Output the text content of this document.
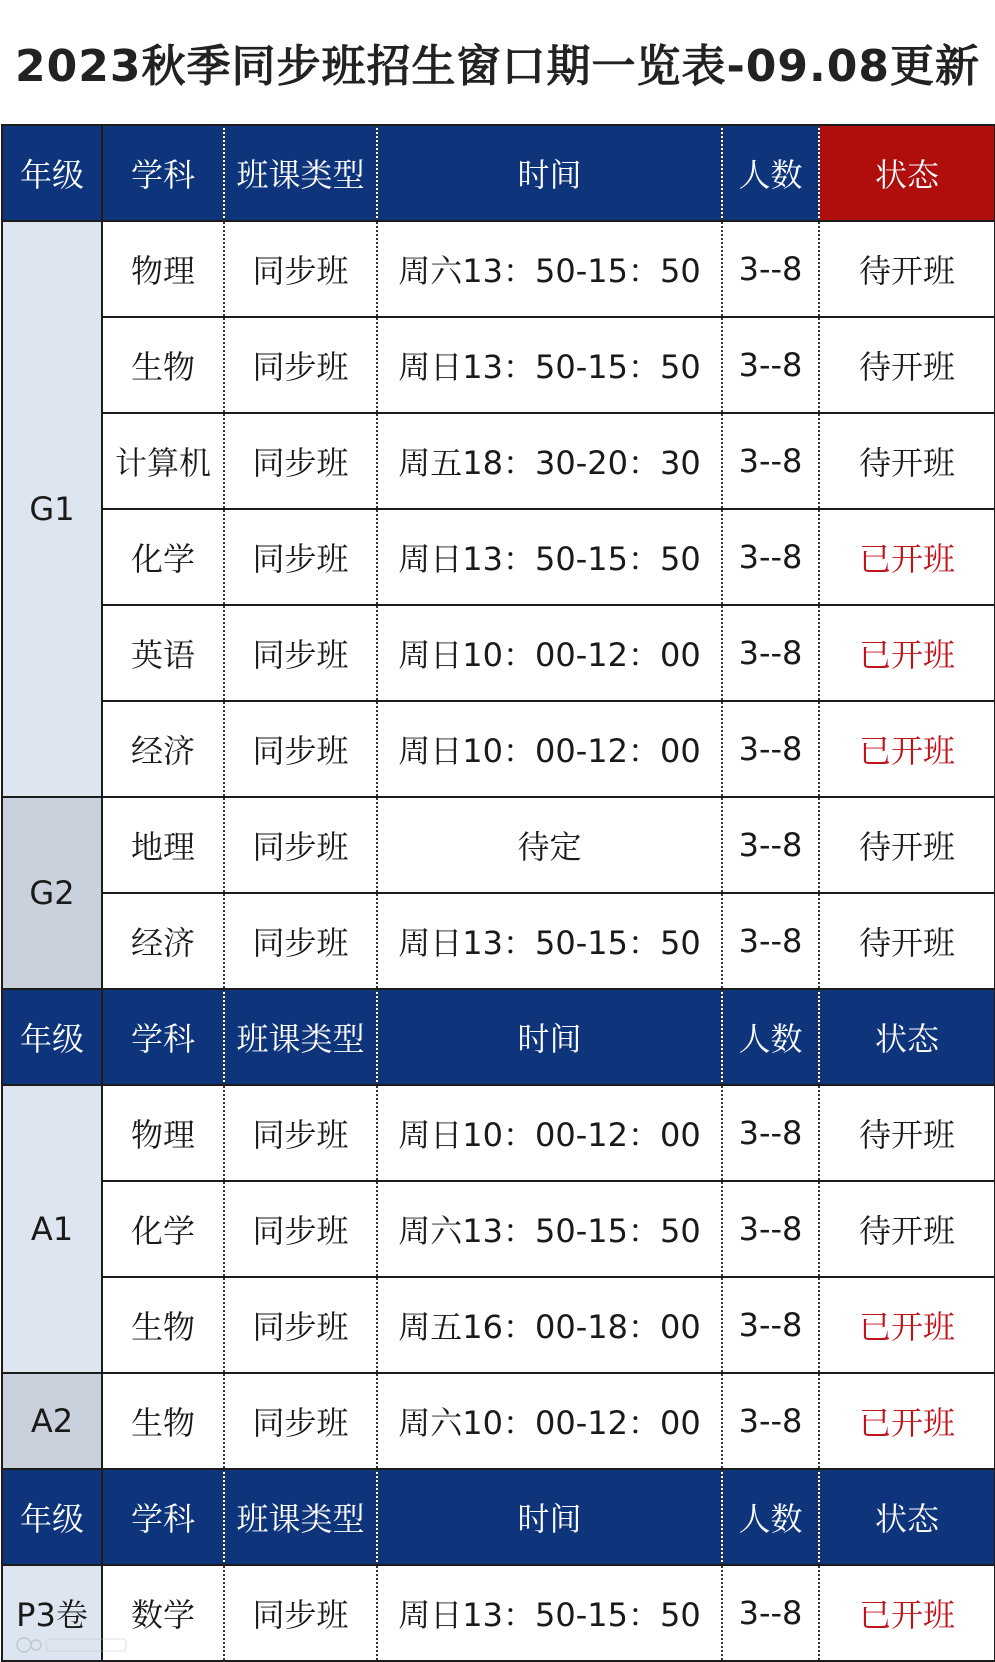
2023秋季同步班招生窗口期一览表-09.08更新
年级	学科	班课类型	时间	人数	状态
G1	物理	同步班	周六13：50-15：50	3--8	待开班
	生物	同步班	周日13：50-15：50	3--8	待开班
	计算机	同步班	周五18：30-20：30	3--8	待开班
	化学	同步班	周日13：50-15：50	3--8	已开班
	英语	同步班	周日10：00-12：00	3--8	已开班
	经济	同步班	周日10：00-12：00	3--8	已开班
G2	地理	同步班	待定	3--8	待开班
	经济	同步班	周日13：50-15：50	3--8	待开班
年级	学科	班课类型	时间	人数	状态
A1	物理	同步班	周日10：00-12：00	3--8	待开班
	化学	同步班	周六13：50-15：50	3--8	待开班
	生物	同步班	周五16：00-18：00	3--8	已开班
A2	生物	同步班	周六10：00-12：00	3--8	已开班
年级	学科	班课类型	时间	人数	状态
P3卷	数学	同步班	周日13：50-15：50	3--8	已开班
